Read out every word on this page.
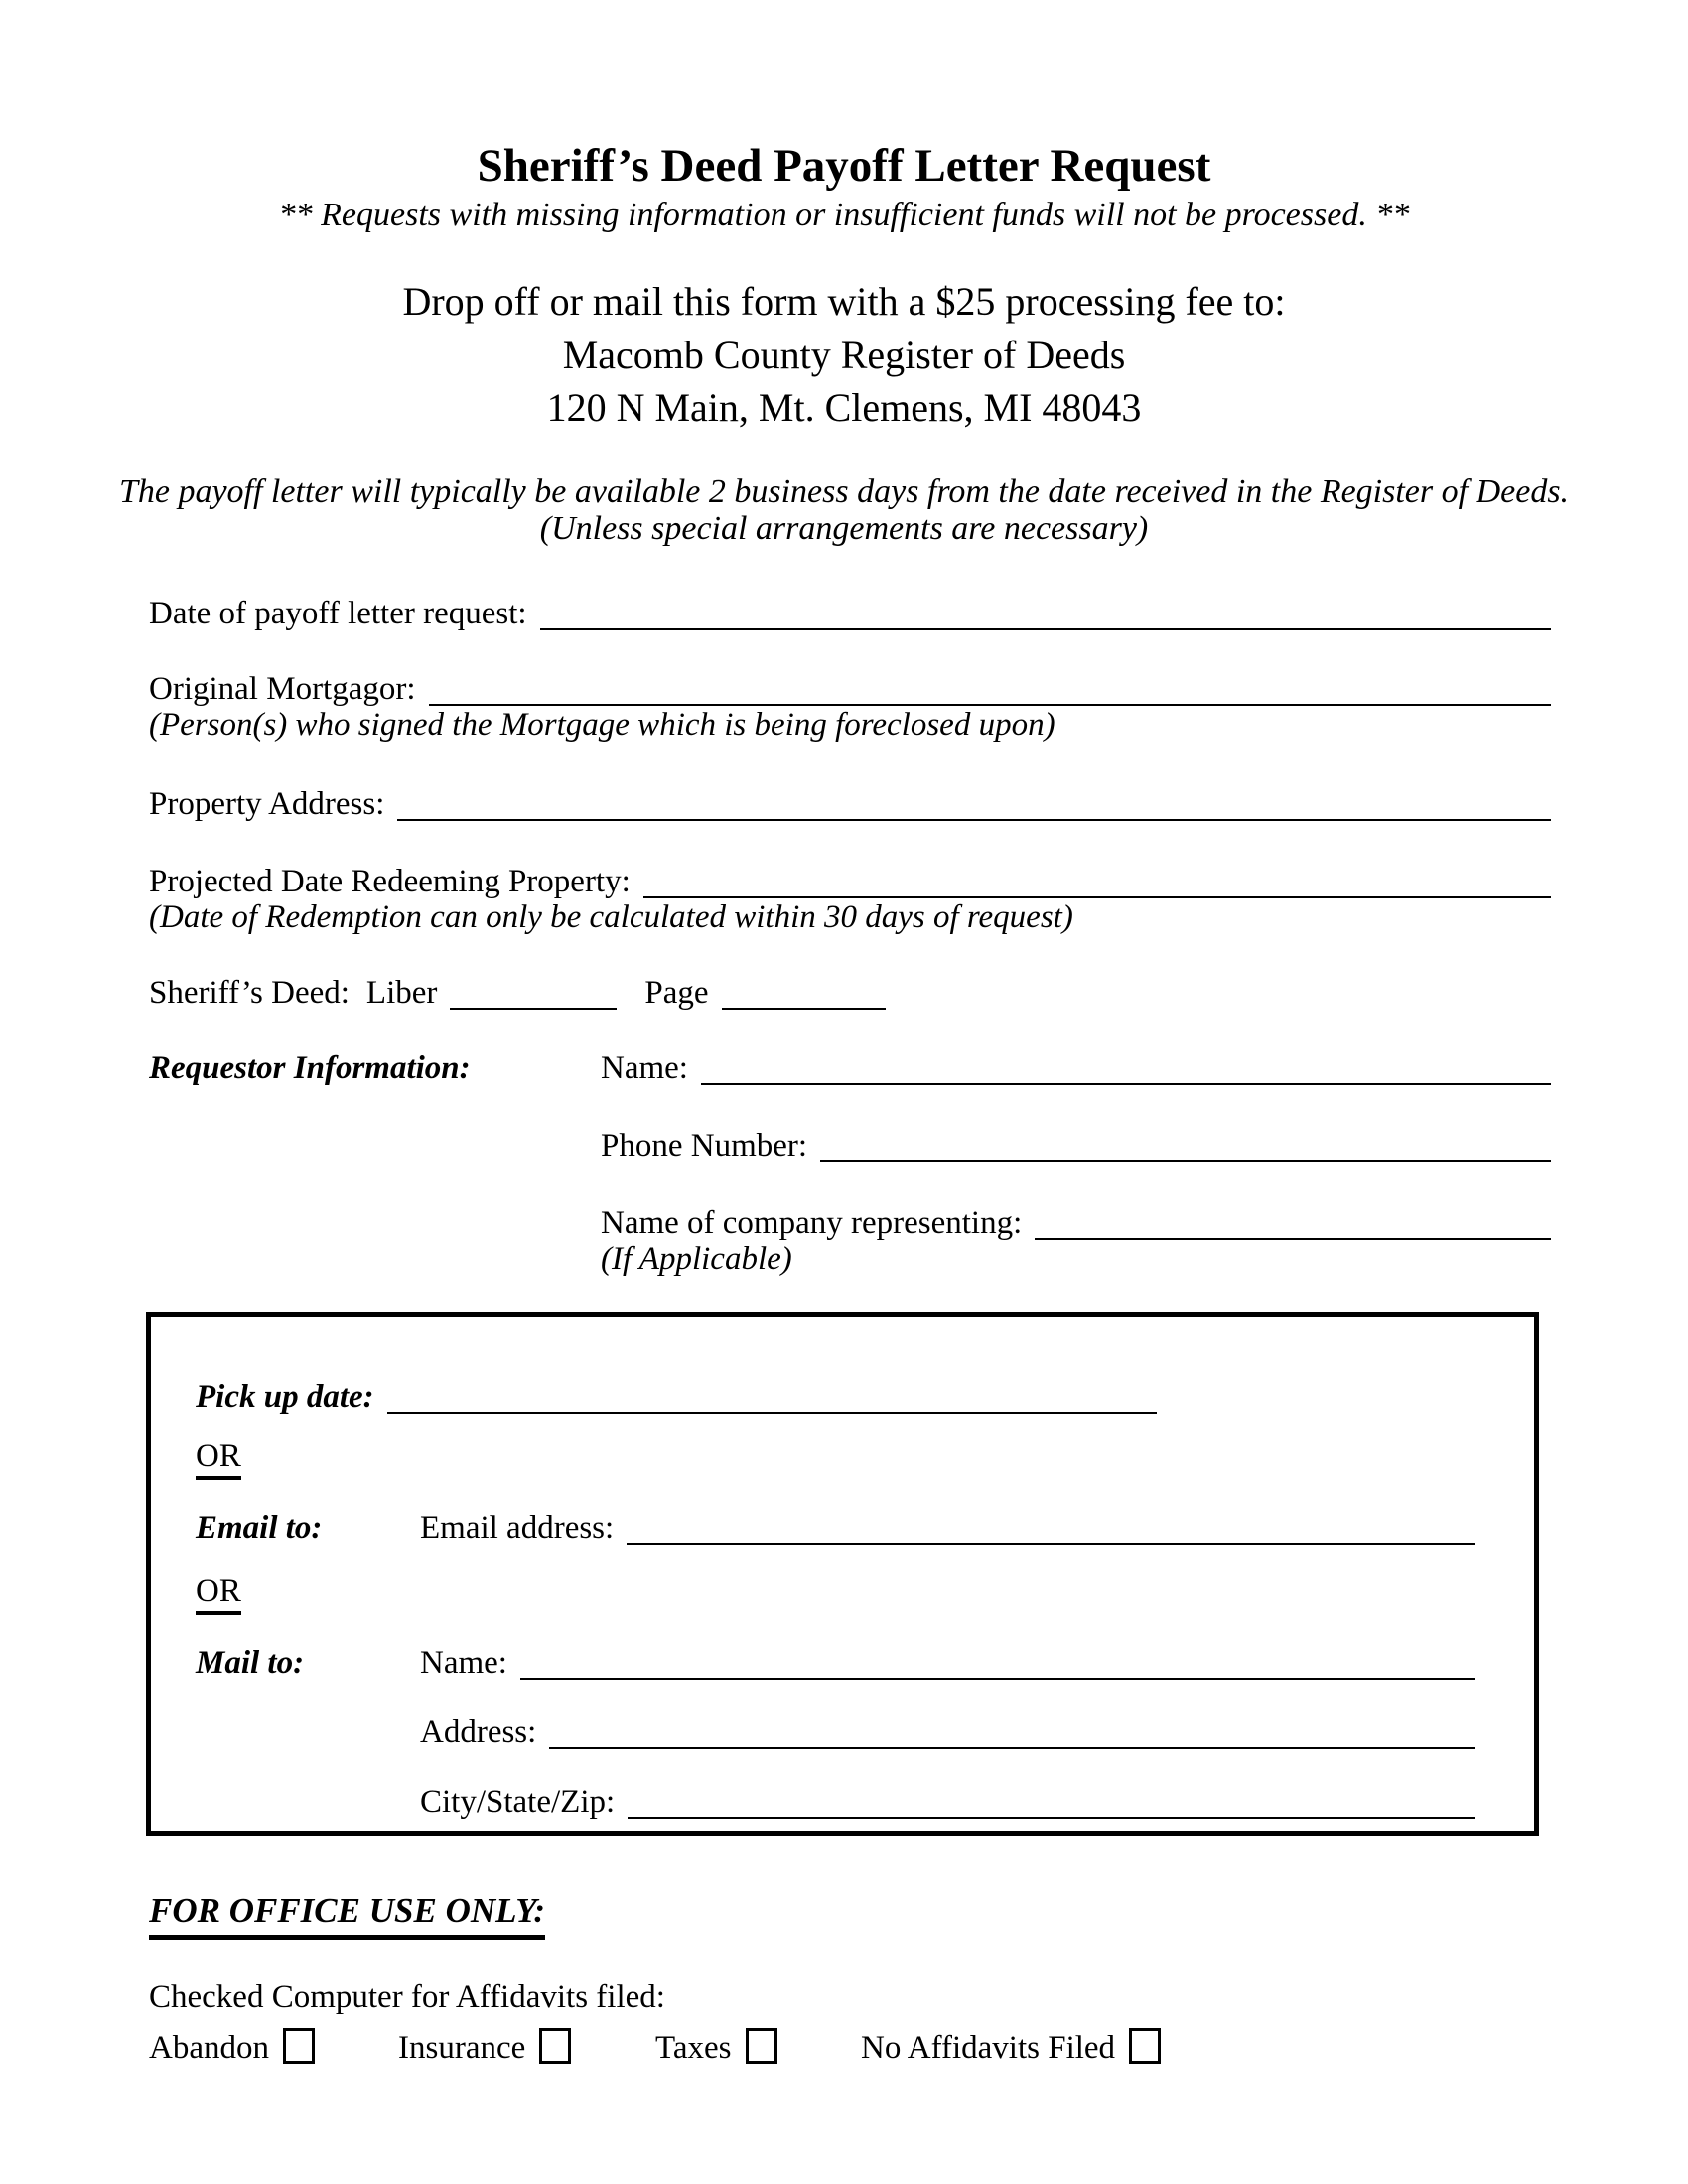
Sheriff’s Deed Payoff Letter Request
** Requests with missing information or insufficient funds will not be processed. **
Drop off or mail this form with a $25 processing fee to:
Macomb County Register of Deeds
120 N Main, Mt. Clemens, MI 48043
The payoff letter will typically be available 2 business days from the date received in the Register of Deeds.
(Unless special arrangements are necessary)
Date of payoff letter request:
Original Mortgagor:
(Person(s) who signed the Mortgage which is being foreclosed upon)
Property Address:
Projected Date Redeeming Property:
(Date of Redemption can only be calculated within 30 days of request)
Sheriff’s Deed: Liber	Page
Requestor Information:	Name:
Phone Number:
Name of company representing:
(If Applicable)
Pick up date:
OR
Email to:	Email address:
OR
Mail to:	Name:
Address:
City/State/Zip:
FOR OFFICE USE ONLY:
Checked Computer for Affidavits filed:
Abandon	Insurance	Taxes	No Affidavits Filed
